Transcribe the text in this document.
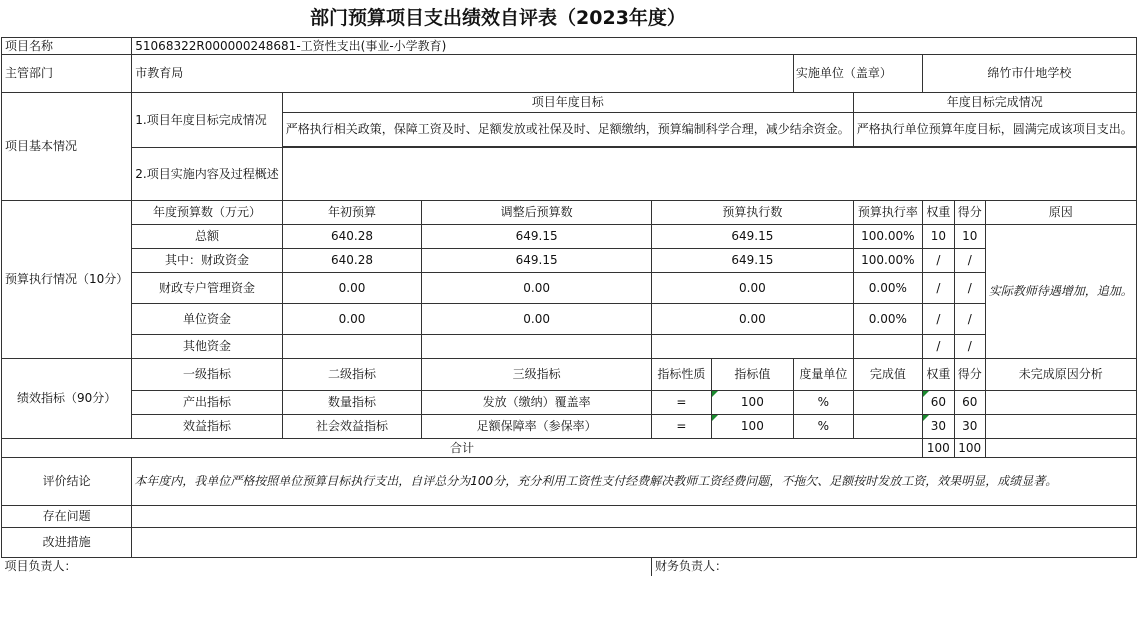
部门预算项目支出绩效自评表（2023年度）
项目名称	51068322R000000248681-工资性支出(事业-小学教育)									
主管部门	市教育局					实施单位（盖章）		绵竹市什地学校		
项目基本情况	1.项目年度目标完成情况	项目年度目标					年度目标完成情况			
		严格执行相关政策，保障工资及时、足额发放或社保及时、足额缴纳，预算编制科学合理，减少结余资金。					严格执行单位预算年度目标，圆满完成该项目支出。			

	2.项目实施内容及过程概述									
预算执行情况（10分）	年度预算数（万元）	年初预算	调整后预算数	预算执行数			预算执行率	权重	得分	原因
	总额	640.28	649.15	649.15			100.00%	10	10	实际教师待遇增加，追加。
	其中：财政资金	640.28	649.15	649.15			100.00%	/	/	
	财政专户管理资金	0.00	0.00	0.00			0.00%	/	/	
	单位资金	0.00	0.00	0.00			0.00%	/	/	
	其他资金							/	/	
绩效指标（90分）	一级指标	二级指标	三级指标	指标性质	指标值	度量单位	完成值	权重	得分	未完成原因分析
	产出指标	数量指标	发放（缴纳）覆盖率	=	100	%		60	60	
	效益指标	社会效益指标	足额保障率（参保率）	=	100	%		30	30	
合计								100	100	
评价结论	本年度内，我单位严格按照单位预算目标执行支出，自评总分为100分，充分利用工资性支付经费解决教师工资经费问题，不拖欠、足额按时发放工资，效果明显，成绩显著。									
存在问题										
改进措施										
项目负责人：				财务负责人：						
